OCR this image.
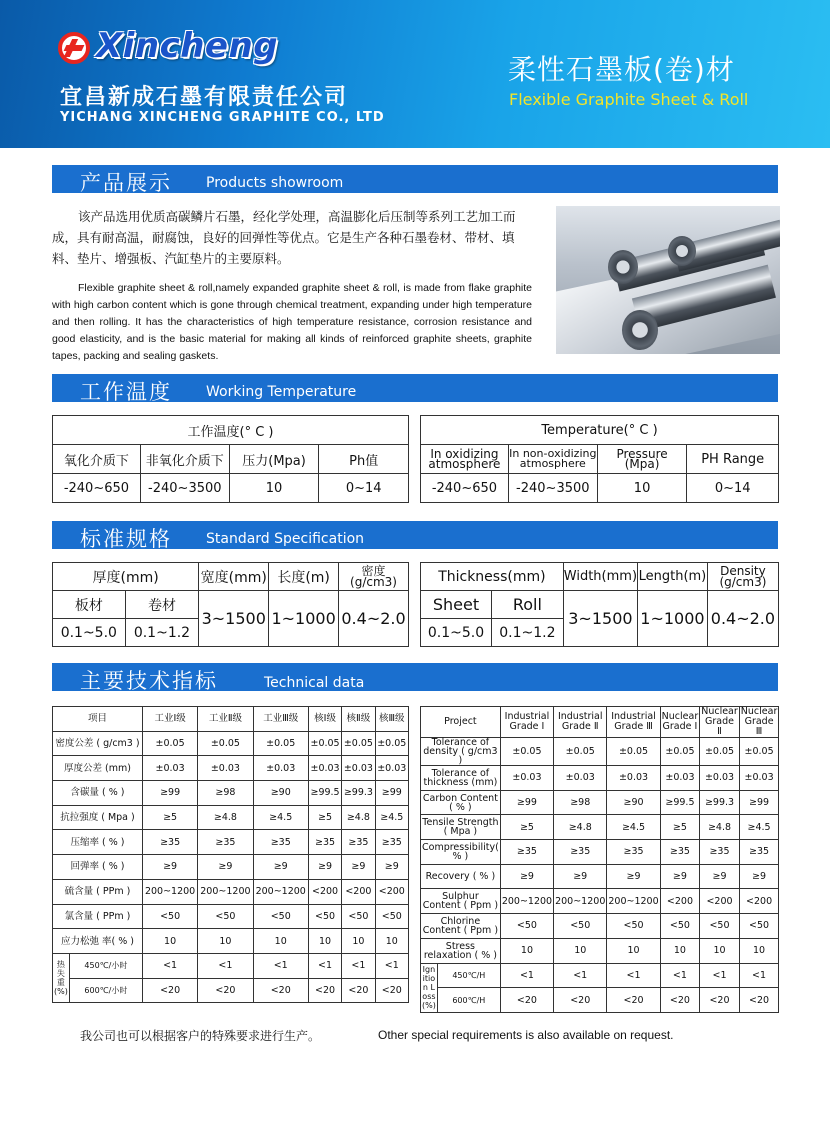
Xincheng
宜昌新成石墨有限责任公司
YICHANG XINCHENG GRAPHITE CO., LTD
柔性石墨板(卷)材
Flexible Graphite Sheet & Roll
产品展示 Products showroom

该产品选用优质高碳鳞片石墨，经化学处理，高温膨化后压制等系列工艺加工而成，具有耐高温，耐腐蚀，良好的回弹性等优点。它是生产各种石墨卷材、带材、填料、垫片、增强板、汽缸垫片的主要原料。

Flexible graphite sheet & roll,namely expanded graphite sheet & roll, is made from flake graphite with high carbon content which is gone through chemical treatment, expanding under high temperature and then rolling. It has the characteristics of high temperature resistance, corrosion resistance and good elasticity, and is the basic material for making all kinds of reinforced graphite sheets, graphite tapes, packing and sealing gaskets.

工作温度 Working Temperature
工作温度(° C )			
氧化介质下	非氧化介质下	压力(Mpa)	Ph值
-240~650	-240~3500	10	0~14
Temperature(° C )			
In oxidizing atmosphere	In non-oxidizing atmosphere	Pressure (Mpa)	PH Range
-240~650	-240~3500	10	0~14
标准规格 Standard Specification
厚度(mm)		宽度(mm)	长度(m)	密度 (g/cm3)
板材	卷材	3~1500	1~1000	0.4~2.0
0.1~5.0	0.1~1.2			
Thickness(mm)		Width(mm)	Length(m)	Density (g/cm3)
Sheet	Roll	3~1500	1~1000	0.4~2.0
0.1~5.0	0.1~1.2			
主要技术指标	Technical data
项目		工业Ⅰ级	工业Ⅱ级	工业Ⅲ级	核Ⅰ级	核Ⅱ级	核Ⅲ级
密度公差 ( g/cm3 )		±0.05	±0.05	±0.05	±0.05	±0.05	±0.05
厚度公差 (mm)		±0.03	±0.03	±0.03	±0.03	±0.03	±0.03
含碳量 ( % )		≥99	≥98	≥90	≥99.5	≥99.3	≥99
抗拉强度 ( Mpa )		≥5	≥4.8	≥4.5	≥5	≥4.8	≥4.5
压缩率 ( % )		≥35	≥35	≥35	≥35	≥35	≥35
回弹率 ( % )		≥9	≥9	≥9	≥9	≥9	≥9
硫含量 ( PPm )		200~1200	200~1200	200~1200	<200	<200	<200
氯含量 ( PPm )		<50	<50	<50	<50	<50	<50
应力松弛 率( % )		10	10	10	10	10	10
热失重 (%)	450℃/小时	<1	<1	<1	<1	<1	<1
	600℃/小时	<20	<20	<20	<20	<20	<20
Project		Industrial Grade Ⅰ	Industrial Grade Ⅱ	Industrial Grade Ⅲ	Nuclear Grade Ⅰ	Nuclear Grade Ⅱ	Nuclear Grade Ⅲ
Tolerance of density ( g/cm3 )		±0.05	±0.05	±0.05	±0.05	±0.05	±0.05
Tolerance of thickness (mm)		±0.03	±0.03	±0.03	±0.03	±0.03	±0.03
Carbon Content ( % )		≥99	≥98	≥90	≥99.5	≥99.3	≥99
Tensile Strength ( Mpa )		≥5	≥4.8	≥4.5	≥5	≥4.8	≥4.5
Compressibility( % )		≥35	≥35	≥35	≥35	≥35	≥35
Recovery ( % )		≥9	≥9	≥9	≥9	≥9	≥9
Sulphur Content ( Ppm )		200~1200	200~1200	200~1200	<200	<200	<200
Chlorine Content ( Ppm )		<50	<50	<50	<50	<50	<50
Stress relaxation ( % )		10	10	10	10	10	10
Ignition Loss (%)	450℃/H	<1	<1	<1	<1	<1	<1
	600℃/H	<20	<20	<20	<20	<20	<20
我公司也可以根据客户的特殊要求进行生产。	Other special requirements is also available on request.
